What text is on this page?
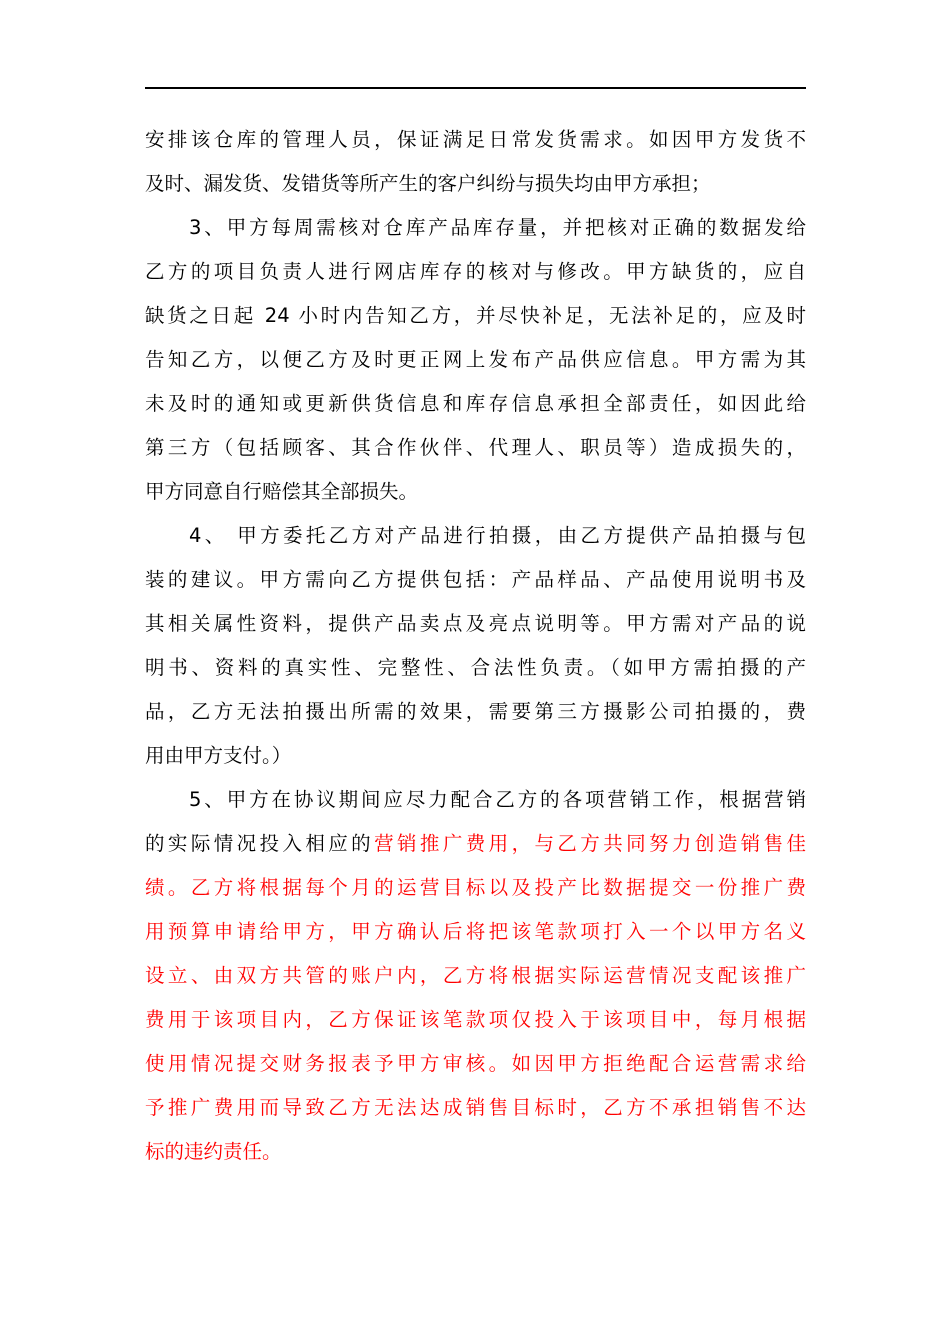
安排该仓库的管理人员，保证满足日常发货需求。如因甲方发货不
及时、漏发货、发错货等所产生的客户纠纷与损失均由甲方承担；
3、甲方每周需核对仓库产品库存量，并把核对正确的数据发给
乙方的项目负责人进行网店库存的核对与修改。甲方缺货的，应自
缺货之日起 24 小时内告知乙方，并尽快补足，无法补足的，应及时
告知乙方，以便乙方及时更正网上发布产品供应信息。甲方需为其
未及时的通知或更新供货信息和库存信息承担全部责任，如因此给
第三方（包括顾客、其合作伙伴、代理人、职员等）造成损失的，
甲方同意自行赔偿其全部损失。
4、 甲方委托乙方对产品进行拍摄，由乙方提供产品拍摄与包
装的建议。甲方需向乙方提供包括：产品样品、产品使用说明书及
其相关属性资料，提供产品卖点及亮点说明等。甲方需对产品的说
明书、资料的真实性、完整性、合法性负责。（如甲方需拍摄的产
品，乙方无法拍摄出所需的效果，需要第三方摄影公司拍摄的，费
用由甲方支付。）
5、甲方在协议期间应尽力配合乙方的各项营销工作，根据营销
的实际情况投入相应的营销推广费用，与乙方共同努力创造销售佳
绩。乙方将根据每个月的运营目标以及投产比数据提交一份推广费
用预算申请给甲方，甲方确认后将把该笔款项打入一个以甲方名义
设立、由双方共管的账户内，乙方将根据实际运营情况支配该推广
费用于该项目内，乙方保证该笔款项仅投入于该项目中，每月根据
使用情况提交财务报表予甲方审核。如因甲方拒绝配合运营需求给
予推广费用而导致乙方无法达成销售目标时，乙方不承担销售不达
标的违约责任。
